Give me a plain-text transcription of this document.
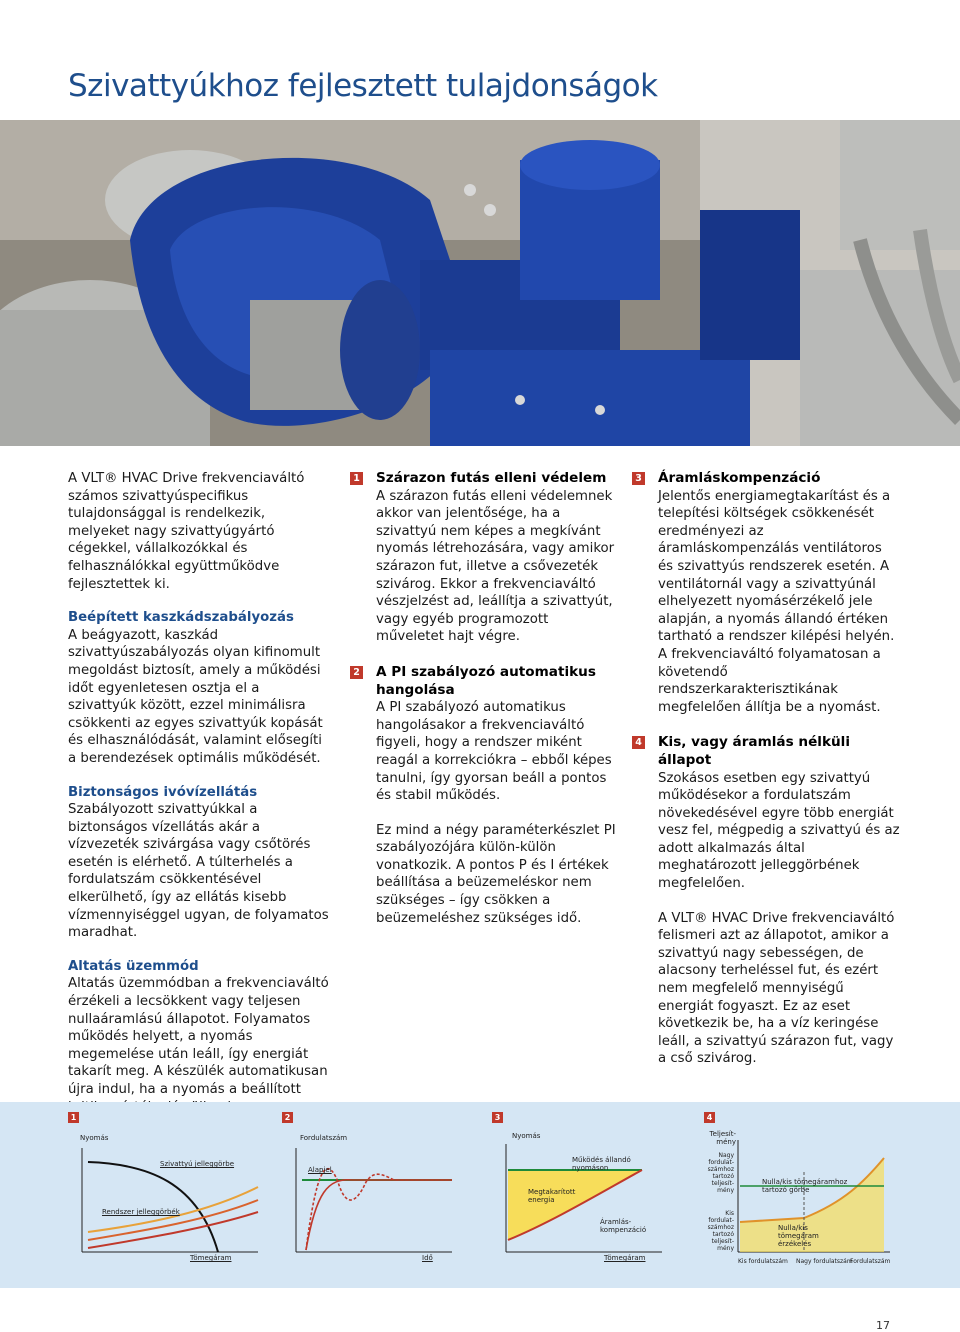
Szivattyúkhoz fejlesztett tulajdonságok

A VLT® HVAC Drive frekvenciaváltó számos szivattyúspecifikus tulajdonsággal is rendelkezik, melyeket nagy szivattyúgyártó cégekkel, vállalkozókkal és felhasználókkal együttműködve fejlesztettek ki.

Beépített kaszkádszabályozás
A beágyazott, kaszkád szivattyúszabályozás olyan kifinomult megoldást biztosít, amely a működési időt egyenletesen osztja el a szivattyúk között, ezzel minimálisra csökkenti az egyes szivattyúk kopását és elhasználódását, valamint elősegíti a berendezések optimális működését.

Biztonságos ivóvízellátás
Szabályozott szivattyúkkal a biztonságos vízellátás akár a vízvezeték szivárgása vagy csőtörés esetén is elérhető. A túlterhelés a fordulatszám csökkentésével elkerülhető, így az ellátás kisebb vízmennyiséggel ugyan, de folyamatos maradhat.

Altatás üzemmód
Altatás üzemmódban a frekvenciaváltó érzékeli a lecsökkent vagy teljesen nullaáramlású állapotot. Folyamatos működés helyett, a nyomás megemelése után leáll, így energiát takarít meg. A készülék automatikusan újra indul, ha a nyomás a beállított

1 Szárazon futás elleni védelem
A szárazon futás elleni védelemnek akkor van jelentősége, ha a szivattyú nem képes a megkívánt nyomás létrehozására, vagy amikor szárazon fut, illetve a csővezeték szivárog. Ekkor a frekvenciaváltó vészjelzést ad, leállítja a szivattyút, vagy egyéb programozott műveletet hajt végre.
2 A PI szabályozó automatikus hangolása
A PI szabályozó automatikus hangolásakor a frekvenciaváltó figyeli, hogy a rendszer miként reagál a korrekciókra – ebből képes tanulni, így gyorsan beáll a pontos és stabil működés.
Ez mind a négy paraméterkészlet PI szabályozójára külön-külön vonatkozik. A pontos P és I értékek beállítása a beüzemeléskor nem szükséges – így csökken a beüzemeléshez szükséges idő.
3 Áramláskompenzáció
Jelentős energiamegtakarítást és a telepítési költségek csökkenését eredményezi az áramláskompenzálás ventilátoros és szivattyús rendszerek esetén. A ventilátornál vagy a szivattyúnál elhelyezett nyomásérzékelő jele alapján, a nyomás állandó értéken tartható a rendszer kilépési helyén. A frekvenciaváltó folyamatosan a követendő rendszerkarakterisztikának megfelelően állítja be a nyomást.
4 Kis, vagy áramlás nélküli állapot
Szokásos esetben egy szivattyú működésekor a fordulatszám növekedésével egyre több energiát vesz fel, mégpedig a szivattyú és az adott alkalmazás által meghatározott jelleggörbének megfelelően.
A VLT® HVAC Drive frekvenciaváltó felismeri azt az állapotot, amikor a szivattyú nagy sebességen, de alacsony terheléssel fut, és ezért nem megfelelő mennyiségű energiát fogyaszt. Ez az eset következik be, ha a víz keringése leáll, a szivattyú szárazon fut, vagy a cső szivárog.
1
Nyomás
Szivattyú jelleggörbe
Rendszer jelleggörbék
Tömegáram
2
Fordulatszám
Alapjel
Idő
3
Nyomás
Működés állandó nyomáson
Megtakarított energia
Áramlás-kompenzáció
Tömegáram
4
Teljesít-mény
Nagy fordulat-számhoz tartozó teljesít-mény
Kis fordulat-számhoz tartozó teljesít-mény
Nulla/kis tömegáramhoz tartozó görbe
Nulla/kis tömegáram érzékelés
Kis fordulatszám Nagy fordulatszám
Fordulatszám
17
